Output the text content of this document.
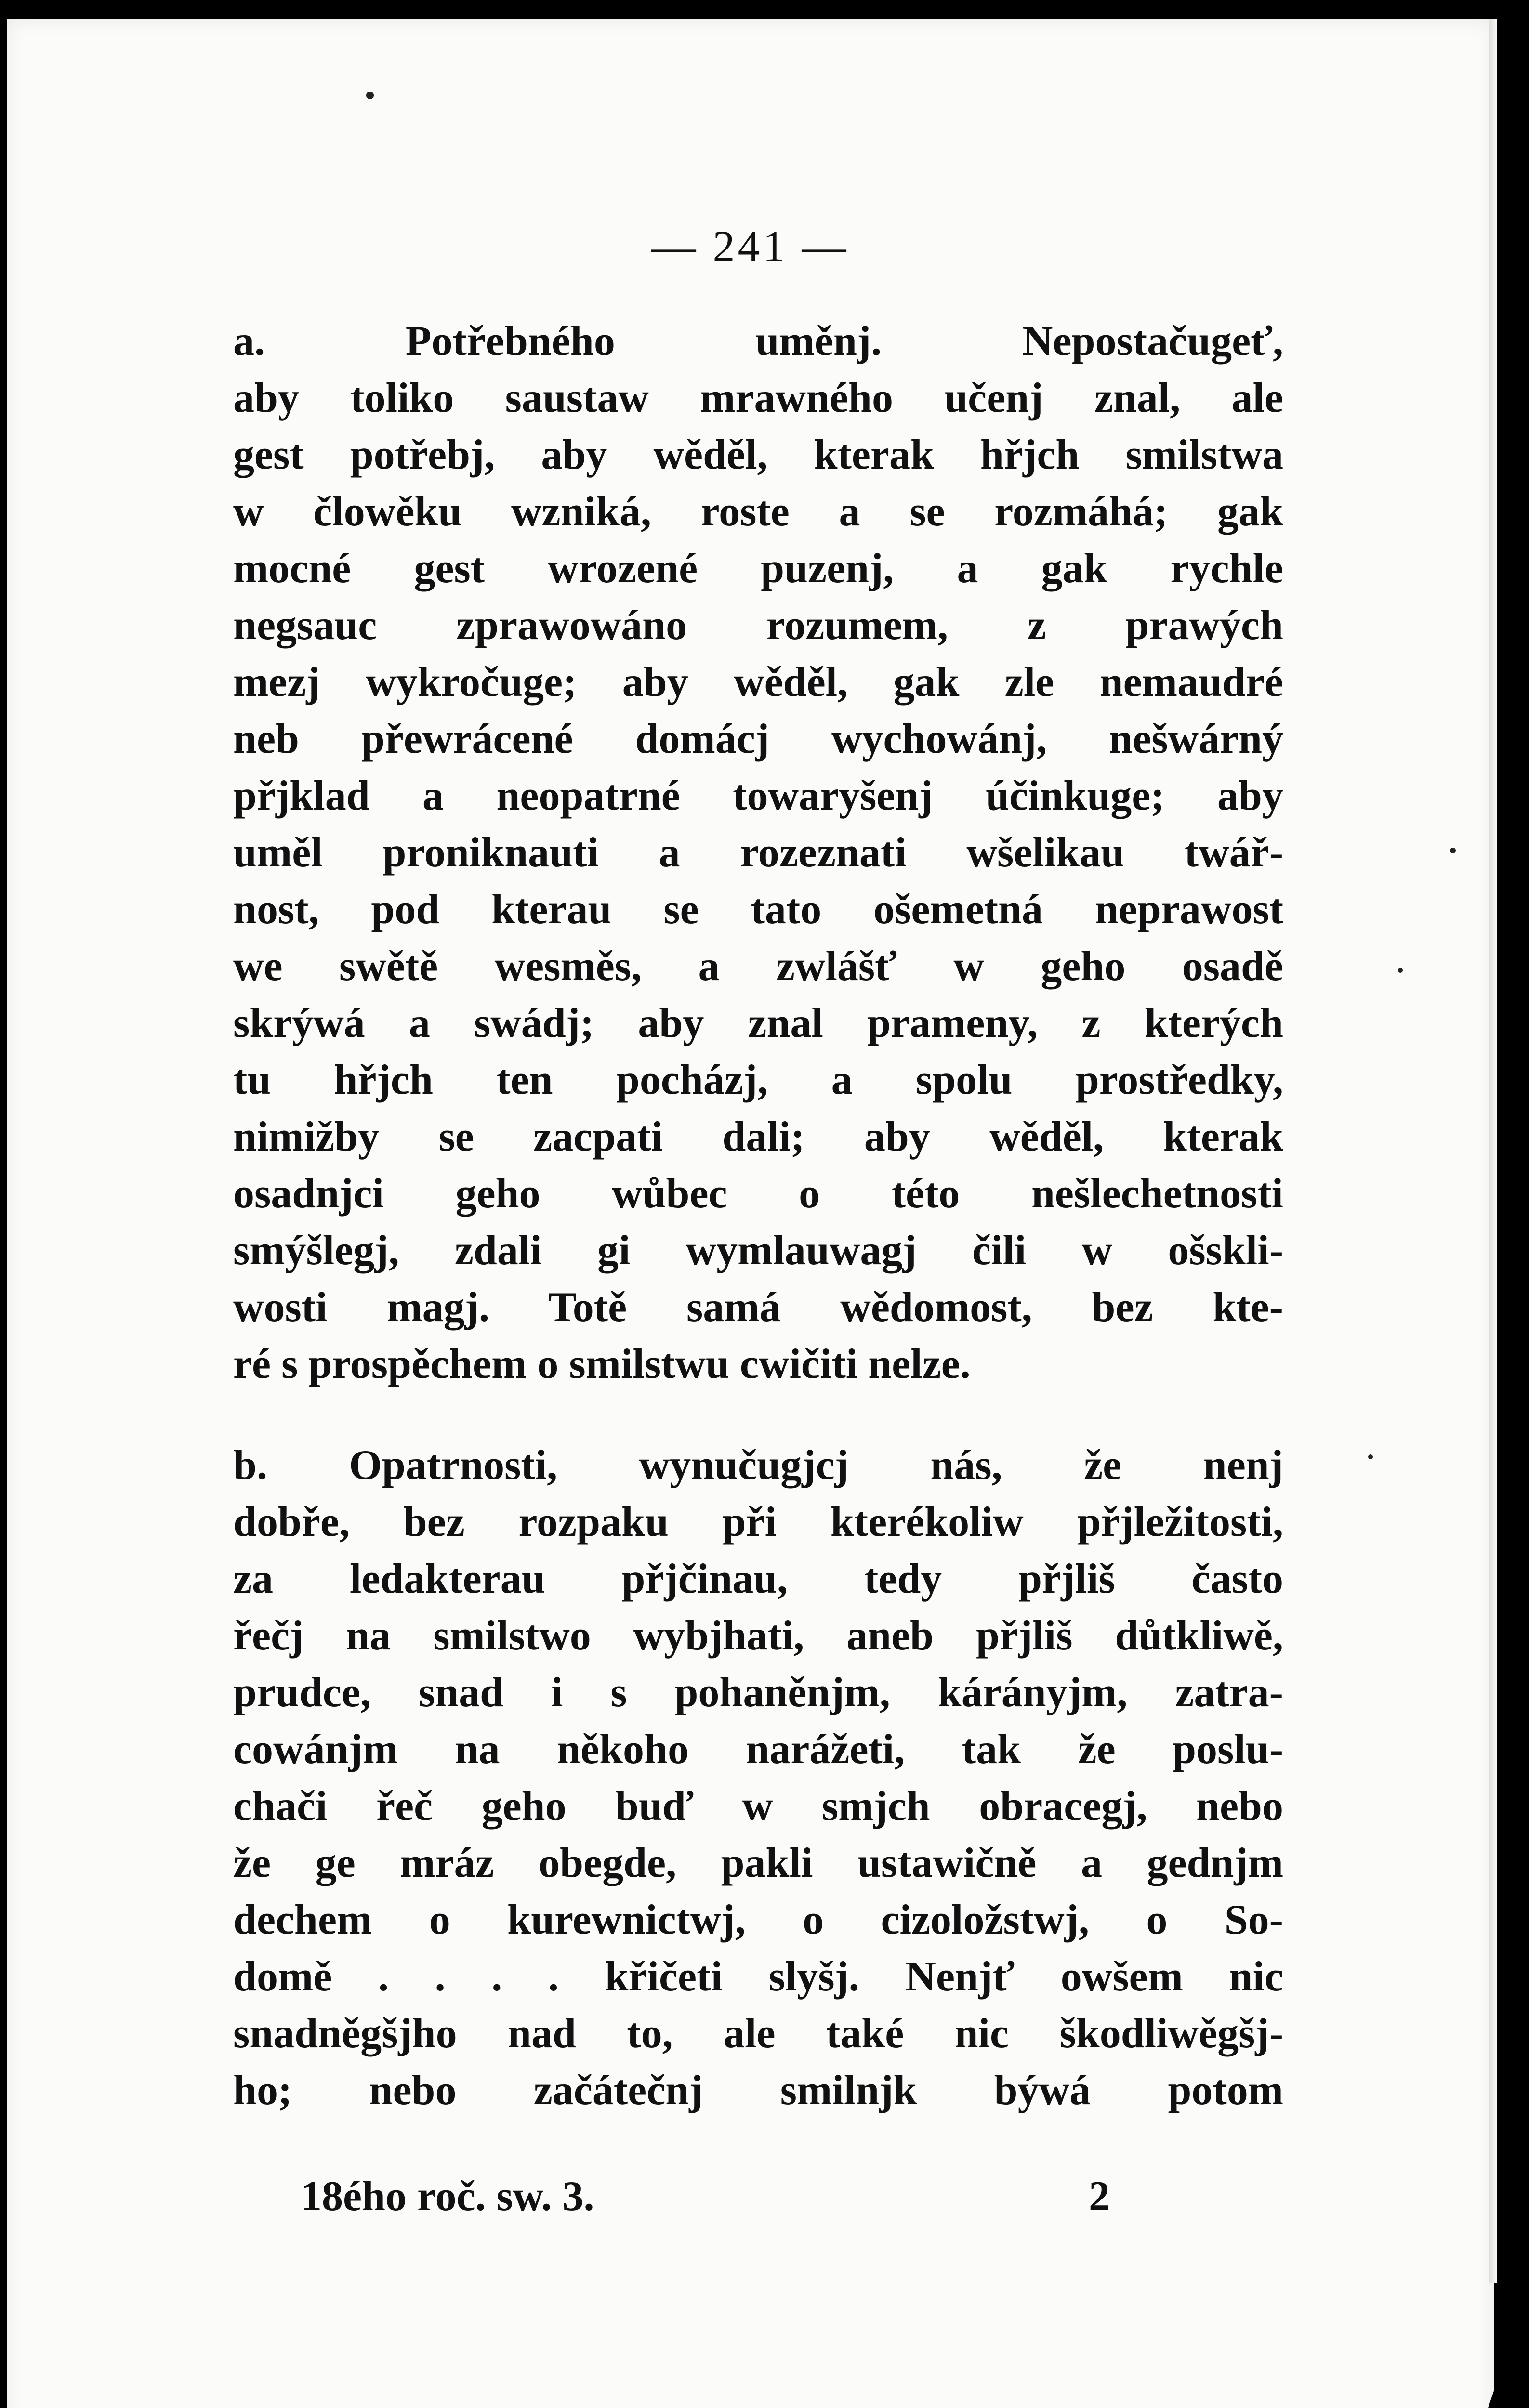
— 241 —
a. Potřebného uměnj. Nepostačugeť,
aby toliko saustaw mrawného učenj znal, ale
gest potřebj, aby wěděl, kterak hřjch smilstwa
w člowěku wzniká, roste a se rozmáhá; gak
mocné gest wrozené puzenj, a gak rychle
negsauc zprawowáno rozumem, z prawých
mezj wykročuge; aby wěděl, gak zle nemaudré
neb přewrácené domácj wychowánj, nešwárný
přjklad a neopatrné towaryšenj účinkuge; aby
uměl proniknauti a rozeznati wšelikau twář-
nost, pod kterau se tato ošemetná neprawost
we swětě wesměs, a zwlášť w geho osadě
skrýwá a swádj; aby znal prameny, z kterých
tu hřjch ten pocházj, a spolu prostředky,
nimižby se zacpati dali; aby wěděl, kterak
osadnjci geho wůbec o této nešlechetnosti
smýšlegj, zdali gi wymlauwagj čili w ošskli-
wosti magj. Totě samá wědomost, bez kte-
ré s prospěchem o smilstwu cwičiti nelze.
b. Opatrnosti, wynučugjcj nás, že nenj
dobře, bez rozpaku při kterékoliw přjležitosti,
za ledakterau přjčinau, tedy přjliš často
řečj na smilstwo wybjhati, aneb přjliš důtkliwě,
prudce, snad i s pohaněnjm, kárányjm, zatra-
cowánjm na někoho narážeti, tak že poslu-
chači řeč geho buď w smjch obracegj, nebo
že ge mráz obegde, pakli ustawičně a gednjm
dechem o kurewnictwj, o cizoložstwj, o So-
domě . . . . křičeti slyšj. Nenjť owšem nic
snadněgšjho nad to, ale také nic škodliwěgšj-
ho; nebo začátečnj smilnjk býwá potom
18ého roč. sw. 3.	2
